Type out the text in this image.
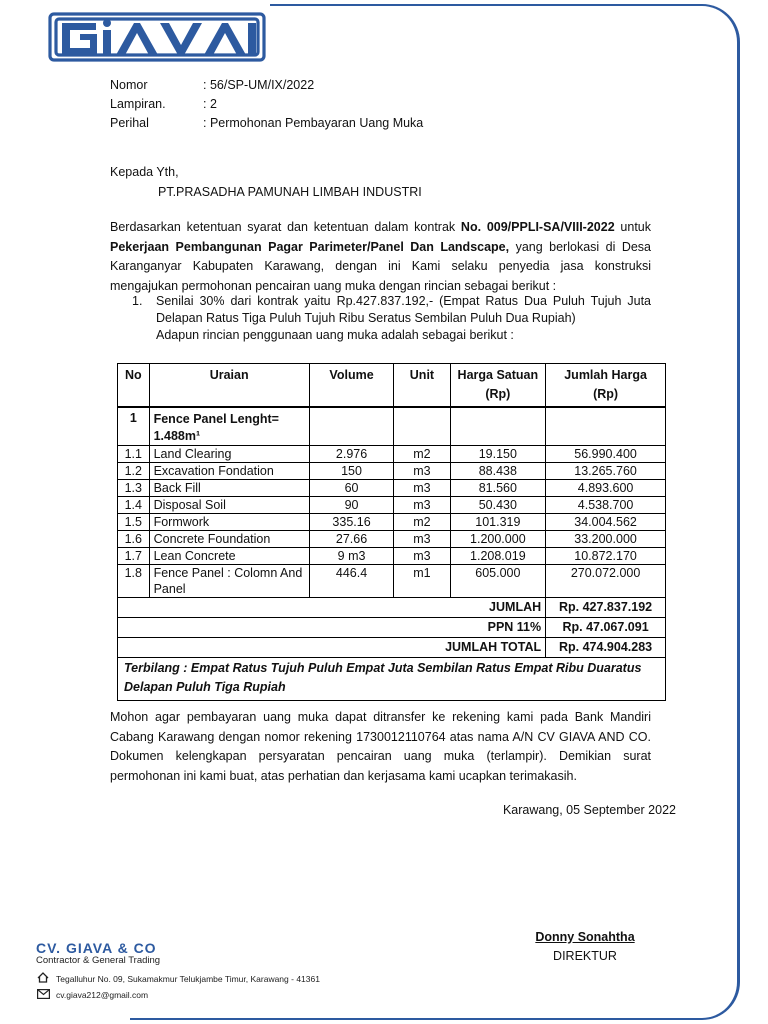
Nomor	: 56/SP-UM/IX/2022
Lampiran.	: 2
Perihal	: Permohonan Pembayaran Uang Muka
Kepada Yth,
PT.PRASADHA PAMUNAH LIMBAH INDUSTRI
Berdasarkan ketentuan syarat dan ketentuan dalam kontrak No. 009/PPLI-SA/VIII-2022 untuk Pekerjaan Pembangunan Pagar Parimeter/Panel Dan Landscape, yang berlokasi di Desa Karanganyar Kabupaten Karawang, dengan ini Kami selaku penyedia jasa konstruksi mengajukan permohonan pencairan uang muka dengan rincian sebagai berikut :
1. Senilai 30% dari kontrak yaitu Rp.427.837.192,- (Empat Ratus Dua Puluh Tujuh Juta Delapan Ratus Tiga Puluh Tujuh Ribu Seratus Sembilan Puluh Dua Rupiah)
Adapun rincian penggunaan uang muka adalah sebagai berikut :
No	Uraian	Volume	Unit	Harga Satuan (Rp)	Jumlah Harga (Rp)
1	Fence Panel Lenght= 1.488m¹				
1.1	Land Clearing	2.976	m2	19.150	56.990.400
1.2	Excavation Fondation	150	m3	88.438	13.265.760
1.3	Back Fill	60	m3	81.560	4.893.600
1.4	Disposal Soil	90	m3	50.430	4.538.700
1.5	Formwork	335.16	m2	101.319	34.004.562
1.6	Concrete Foundation	27.66	m3	1.200.000	33.200.000
1.7	Lean Concrete	9 m3	m3	1.208.019	10.872.170
1.8	Fence Panel : Colomn And Panel	446.4	m1	605.000	270.072.000
JUMLAH					Rp. 427.837.192
PPN 11%					Rp. 47.067.091
JUMLAH TOTAL					Rp. 474.904.283
Terbilang : Empat Ratus Tujuh Puluh Empat Juta Sembilan Ratus Empat Ribu Duaratus Delapan Puluh Tiga Rupiah					
Mohon agar pembayaran uang muka dapat ditransfer ke rekening kami pada Bank Mandiri Cabang Karawang dengan nomor rekening 1730012110764 atas nama A/N CV GIAVA AND CO. Dokumen kelengkapan persyaratan pencairan uang muka (terlampir). Demikian surat permohonan ini kami buat, atas perhatian dan kerjasama kami ucapkan terimakasih.
Karawang, 05 September 2022
Donny Sonahtha
DIREKTUR
CV. GIAVA & CO
Contractor & General Trading
Tegalluhur No. 09, Sukamakmur Telukjambe Timur, Karawang - 41361
cv.giava212@gmail.com
